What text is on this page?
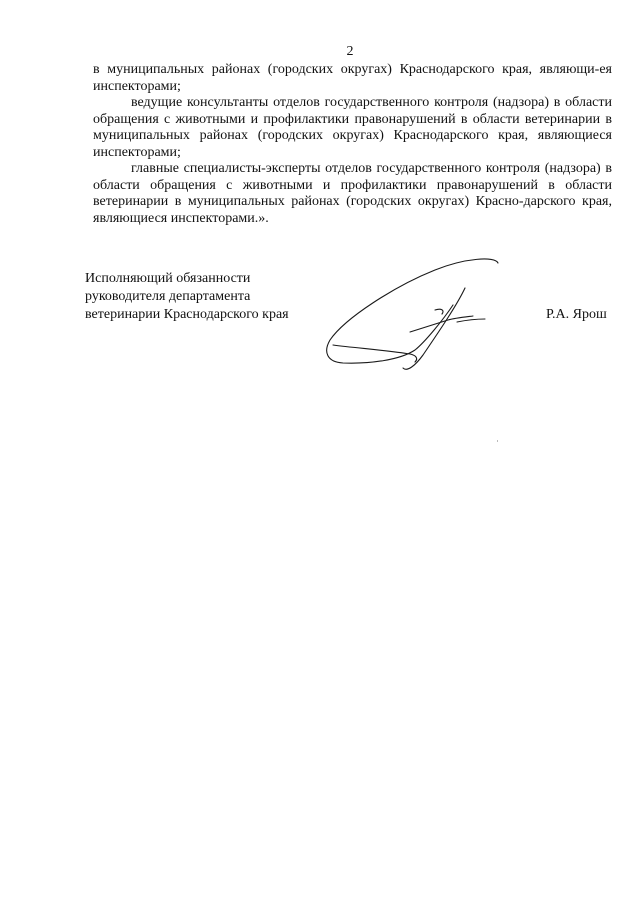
2

в муниципальных районах (городских округах) Краснодарского края, являющи-ея инспекторами;

ведущие консультанты отделов государственного контроля (надзора) в области обращения с животными и профилактики правонарушений в области ветеринарии в муниципальных районах (городских округах) Краснодарского края, являющиеся инспекторами;

главные специалисты-эксперты отделов государственного контроля (надзора) в области обращения с животными и профилактики правонарушений в области ветеринарии в муниципальных районах (городских округах) Красно-дарского края, являющиеся инспекторами.».

Исполняющий обязанности
руководителя департамента
ветеринарии Краснодарского края	Р.А. Ярош
